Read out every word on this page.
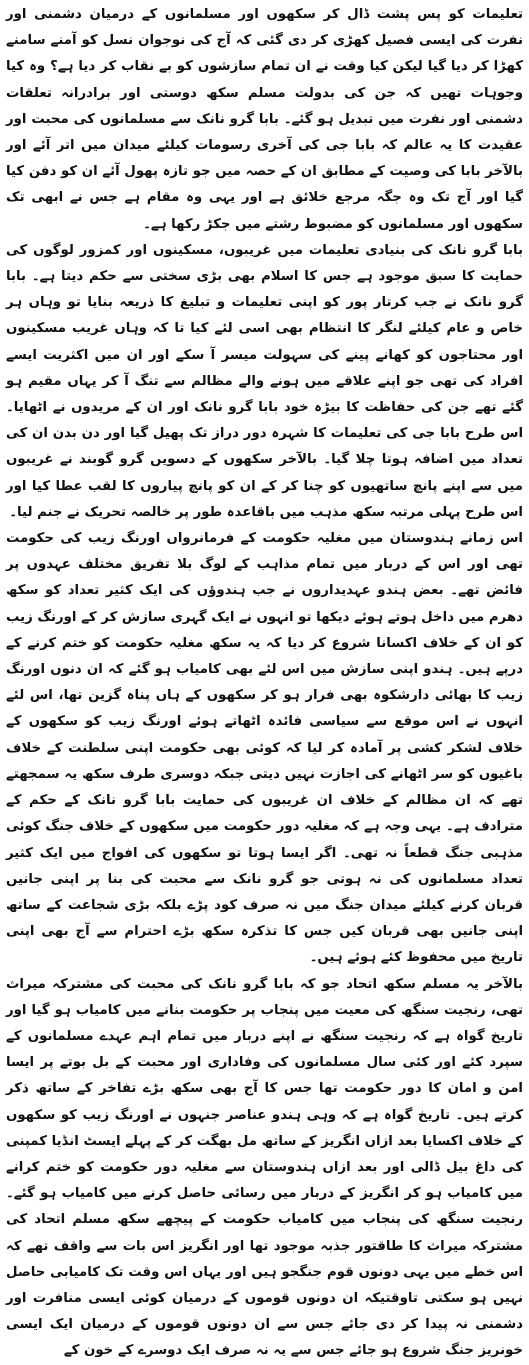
تعلیمات کو پس پشت ڈال کر سکھوں اور مسلمانوں کے درمیان دشمنی اور نفرت کی ایسی فصیل کھڑی کر دی گئی کہ آج کی نوجوان نسل کو آمنے سامنے کھڑا کر دیا گیا لیکن کیا وقت نے ان تمام سازشوں کو بے نقاب کر دیا ہے؟ وہ کیا وجوہات تھیں کہ جن کی بدولت مسلم سکھ دوستی اور برادرانہ تعلقات دشمنی اور نفرت میں تبدیل ہو گئے۔ بابا گرو نانک سے مسلمانوں کی محبت اور عقیدت کا یہ عالم کہ بابا جی کی آخری رسومات کیلئے میدان میں اتر آئے اور بالآخر بابا کی وصیت کے مطابق ان کے حصہ میں جو تازہ پھول آئے ان کو دفن کیا گیا اور آج تک وہ جگہ مرجع خلائق ہے اور یہی وہ مقام ہے جس نے ابھی تک سکھوں اور مسلمانوں کو مضبوط رشتے میں جکڑ رکھا ہے۔

بابا گرو نانک کی بنیادی تعلیمات میں غریبوں، مسکینوں اور کمزور لوگوں کی حمایت کا سبق موجود ہے جس کا اسلام بھی بڑی سختی سے حکم دیتا ہے۔ بابا گرو نانک نے جب کرتار پور کو اپنی تعلیمات و تبلیغ کا ذریعہ بنایا تو وہاں ہر خاص و عام کیلئے لنگر کا انتظام بھی اسی لئے کیا تا کہ وہاں غریب مسکینوں اور محتاجوں کو کھانے پینے کی سہولت میسر آ سکے اور ان میں اکثریت ایسے افراد کی تھی جو اپنے علاقے میں ہونے والے مظالم سے تنگ آ کر یہاں مقیم ہو گئے تھے جن کی حفاظت کا بیڑہ خود بابا گرو نانک اور ان کے مریدوں نے اٹھایا۔ اس طرح بابا جی کی تعلیمات کا شہرہ دور دراز تک پھیل گیا اور دن بدن ان کی تعداد میں اضافہ ہوتا چلا گیا۔ بالآخر سکھوں کے دسویں گرو گوبند نے غریبوں میں سے اپنے پانچ ساتھیوں کو چنا کر کے ان کو پانچ پیاروں کا لقب عطا کیا اور اس طرح پہلی مرتبہ سکھ مذہب میں باقاعدہ طور پر خالصہ تحریک نے جنم لیا۔

اس زمانے ہندوستان میں مغلیہ حکومت کے فرمانرواں اورنگ زیب کی حکومت تھی اور اس کے دربار میں تمام مذاہب کے لوگ بلا تفریق مختلف عہدوں پر فائض تھے۔ بعض ہندو عہدیداروں نے جب ہندوؤں کی ایک کثیر تعداد کو سکھ دھرم میں داخل ہوتے ہوئے دیکھا تو انہوں نے ایک گہری سازش کر کے اورنگ زیب کو ان کے خلاف اکسانا شروع کر دیا کہ یہ سکھ مغلیہ حکومت کو ختم کرنے کے درپے ہیں۔ ہندو اپنی سازش میں اس لئے بھی کامیاب ہو گئے کہ ان دنوں اورنگ زیب کا بھائی دارشکوہ بھی فرار ہو کر سکھوں کے ہاں پناہ گزین تھا، اس لئے انہوں نے اس موقع سے سیاسی فائدہ اٹھاتے ہوئے اورنگ زیب کو سکھوں کے خلاف لشکر کشی پر آمادہ کر لیا کہ کوئی بھی حکومت اپنی سلطنت کے خلاف باغیوں کو سر اٹھانے کی اجازت نہیں دیتی جبکہ دوسری طرف سکھ یہ سمجھتے تھے کہ ان مظالم کے خلاف ان غریبوں کی حمایت بابا گرو نانک کے حکم کے مترادف ہے۔ یہی وجہ ہے کہ مغلیہ دور حکومت میں سکھوں کے خلاف جنگ کوئی مذہبی جنگ قطعاً نہ تھی۔ اگر ایسا ہوتا تو سکھوں کی افواج میں ایک کثیر تعداد مسلمانوں کی نہ ہوتی جو گرو نانک سے محبت کی بنا پر اپنی جانیں قربان کرنے کیلئے میدان جنگ میں نہ صرف کود پڑے بلکہ بڑی شجاعت کے ساتھ اپنی جانیں بھی قربان کیں جس کا تذکرہ سکھ بڑے احترام سے آج بھی اپنی تاریخ میں محفوظ کئے ہوئے ہیں۔

بالآخر یہ مسلم سکھ اتحاد جو کہ بابا گرو نانک کی محبت کی مشترکہ میراث تھی، رنجیت سنگھ کی معیت میں پنجاب پر حکومت بنانے میں کامیاب ہو گیا اور تاریخ گواہ ہے کہ رنجیت سنگھ نے اپنے دربار میں تمام اہم عہدے مسلمانوں کے سپرد کئے اور کئی سال مسلمانوں کی وفاداری اور محبت کے بل بوتے پر ایسا امن و امان کا دور حکومت تھا جس کا آج بھی سکھ بڑے تفاخر کے ساتھ ذکر کرتے ہیں۔ تاریخ گواہ ہے کہ وہی ہندو عناصر جنہوں نے اورنگ زیب کو سکھوں کے خلاف اکسایا بعد ازاں انگریز کے ساتھ مل بھگت کر کے پہلے ایسٹ انڈیا کمپنی کی داغ بیل ڈالی اور بعد ازاں ہندوستان سے مغلیہ دور حکومت کو ختم کرانے میں کامیاب ہو کر انگریز کے دربار میں رسائی حاصل کرنے میں کامیاب ہو گئے۔ رنجیت سنگھ کی پنجاب میں کامیاب حکومت کے پیچھے سکھ مسلم اتحاد کی مشترکہ میراث کا طاقتور جذبہ موجود تھا اور انگریز اس بات سے واقف تھے کہ اس خطے میں یہی دونوں قوم جنگجو ہیں اور یہاں اس وقت تک کامیابی حاصل نہیں ہو سکتی تاوقتیکہ ان دونوں قوموں کے درمیان کوئی ایسی منافرت اور دشمنی نہ پیدا کر دی جائے جس سے ان دونوں قوموں کے درمیان ایک ایسی خونریز جنگ شروع ہو جائے جس سے یہ نہ صرف ایک دوسرے کے خون کے
